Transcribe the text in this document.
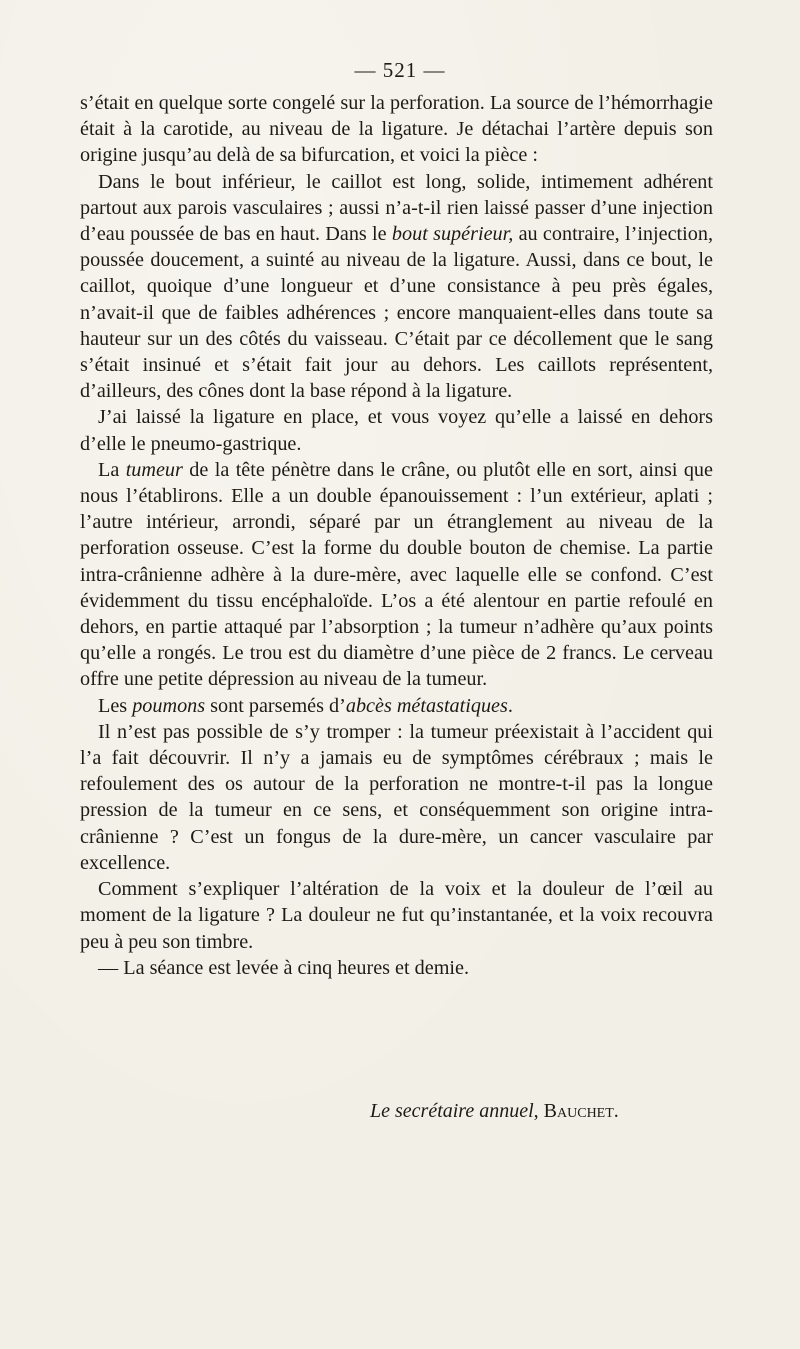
— 521 —

s’était en quelque sorte congelé sur la perforation. La source de l’hémorrhagie était à la carotide, au niveau de la ligature. Je détachai l’artère depuis son origine jusqu’au delà de sa bifurcation, et voici la pièce :

Dans le bout inférieur, le caillot est long, solide, intimement adhérent partout aux parois vasculaires ; aussi n’a-t-il rien laissé passer d’une injection d’eau poussée de bas en haut. Dans le bout supérieur, au contraire, l’injection, poussée doucement, a suinté au niveau de la ligature. Aussi, dans ce bout, le caillot, quoique d’une longueur et d’une consistance à peu près égales, n’avait-il que de faibles adhérences ; encore manquaient-elles dans toute sa hauteur sur un des côtés du vaisseau. C’était par ce décollement que le sang s’était insinué et s’était fait jour au dehors. Les caillots représentent, d’ailleurs, des cônes dont la base répond à la ligature.

J’ai laissé la ligature en place, et vous voyez qu’elle a laissé en dehors d’elle le pneumo-gastrique.

La tumeur de la tête pénètre dans le crâne, ou plutôt elle en sort, ainsi que nous l’établirons. Elle a un double épanouissement : l’un extérieur, aplati ; l’autre intérieur, arrondi, séparé par un étranglement au niveau de la perforation osseuse. C’est la forme du double bouton de chemise. La partie intra-crânienne adhère à la dure-mère, avec laquelle elle se confond. C’est évidemment du tissu encéphaloïde. L’os a été alentour en partie refoulé en dehors, en partie attaqué par l’absorption ; la tumeur n’adhère qu’aux points qu’elle a rongés. Le trou est du diamètre d’une pièce de 2 francs. Le cerveau offre une petite dépression au niveau de la tumeur.

Les poumons sont parsemés d’abcès métastatiques.

Il n’est pas possible de s’y tromper : la tumeur préexistait à l’accident qui l’a fait découvrir. Il n’y a jamais eu de symptômes cérébraux ; mais le refoulement des os autour de la perforation ne montre-t-il pas la longue pression de la tumeur en ce sens, et conséquemment son origine intra-crânienne ? C’est un fongus de la dure-mère, un cancer vasculaire par excellence.

Comment s’expliquer l’altération de la voix et la douleur de l’œil au moment de la ligature ? La douleur ne fut qu’instantanée, et la voix recouvra peu à peu son timbre.

— La séance est levée à cinq heures et demie.

Le secrétaire annuel, Bauchet.
